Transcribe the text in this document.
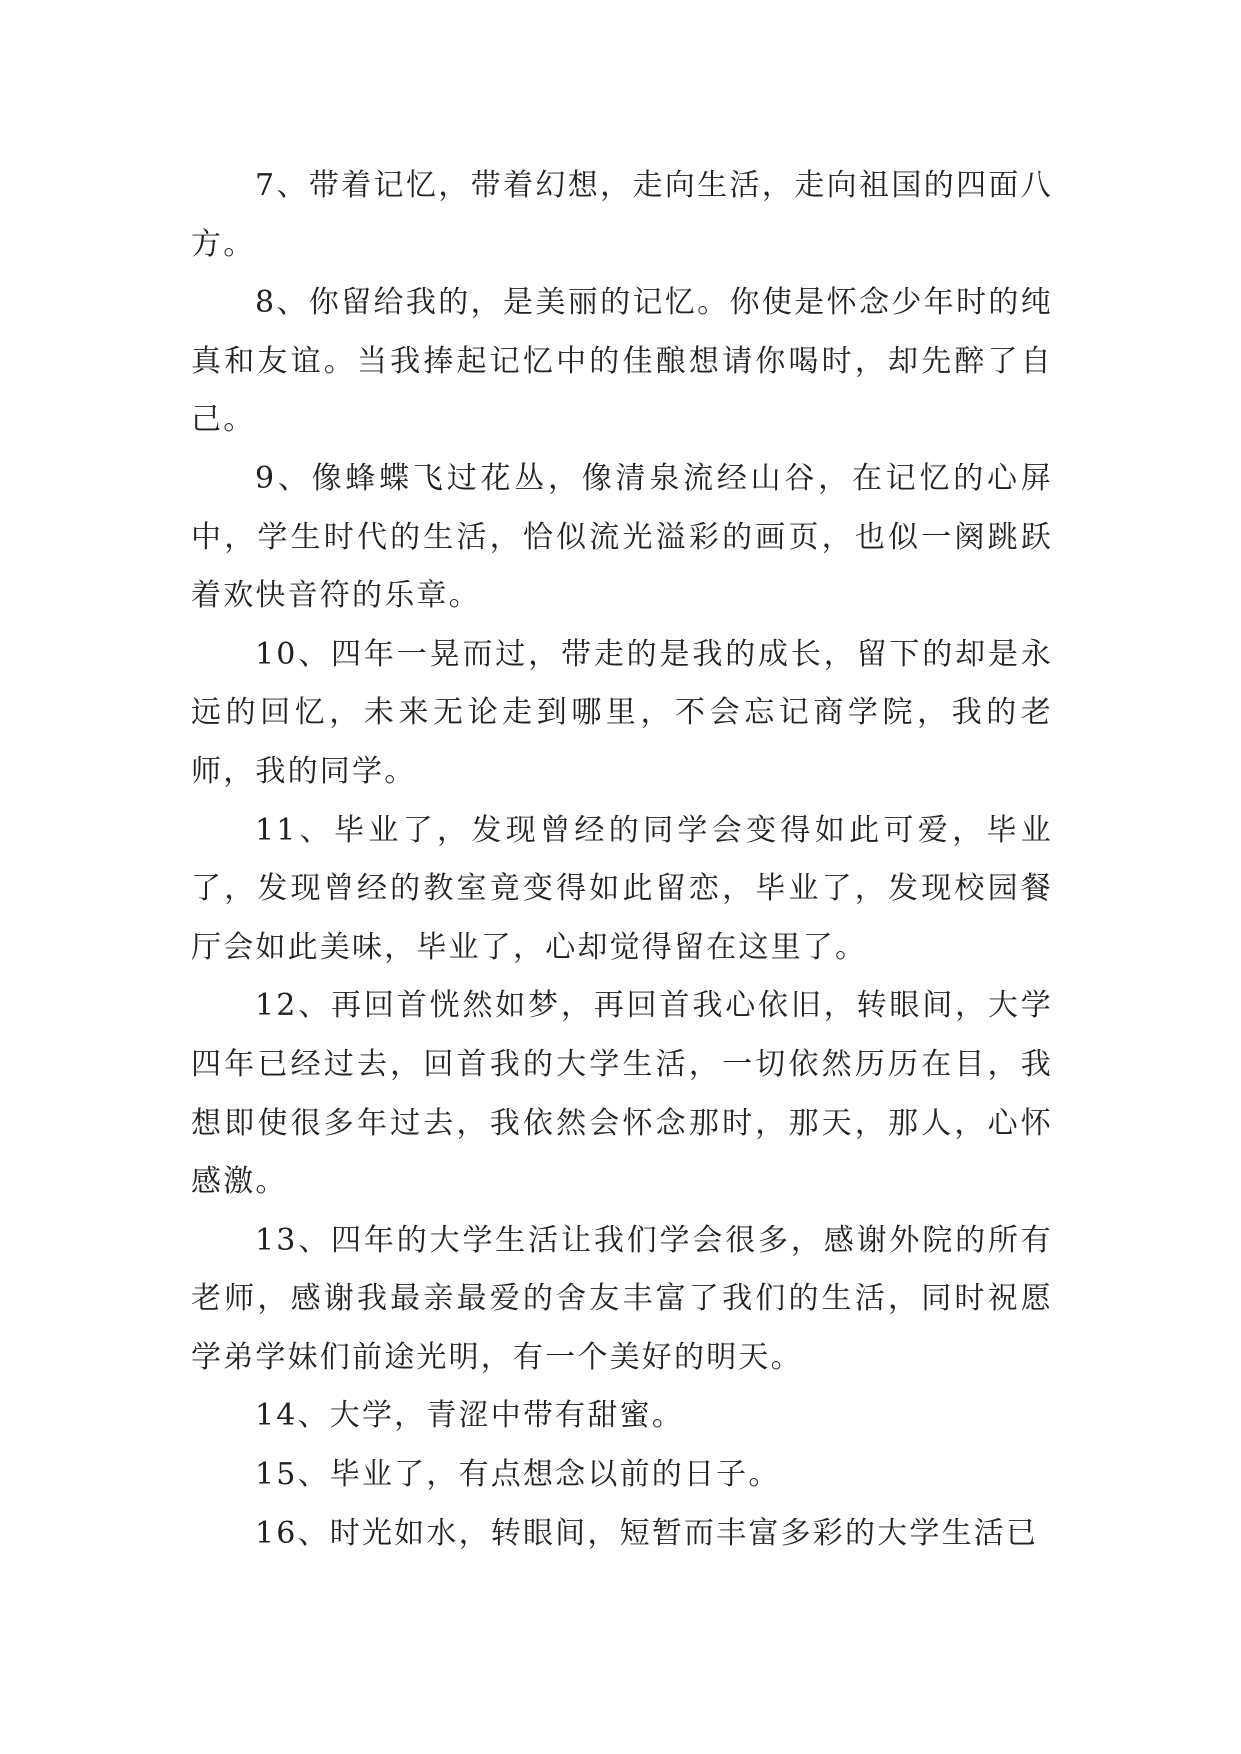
7、带着记忆，带着幻想，走向生活，走向祖国的四面八方。

8、你留给我的，是美丽的记忆。你使是怀念少年时的纯真和友谊。当我捧起记忆中的佳酿想请你喝时，却先醉了自己。

9、像蜂蝶飞过花丛，像清泉流经山谷，在记忆的心屏中，学生时代的生活，恰似流光溢彩的画页，也似一阕跳跃着欢快音符的乐章。

10、四年一晃而过，带走的是我的成长，留下的却是永远的回忆，未来无论走到哪里，不会忘记商学院，我的老师，我的同学。

11、毕业了，发现曾经的同学会变得如此可爱，毕业了，发现曾经的教室竟变得如此留恋，毕业了，发现校园餐厅会如此美味，毕业了，心却觉得留在这里了。

12、再回首恍然如梦，再回首我心依旧，转眼间，大学四年已经过去，回首我的大学生活，一切依然历历在目，我想即使很多年过去，我依然会怀念那时，那天，那人，心怀感激。

13、四年的大学生活让我们学会很多，感谢外院的所有老师，感谢我最亲最爱的舍友丰富了我们的生活，同时祝愿学弟学妹们前途光明，有一个美好的明天。

14、大学，青涩中带有甜蜜。

15、毕业了，有点想念以前的日子。

16、时光如水，转眼间，短暂而丰富多彩的大学生活已
